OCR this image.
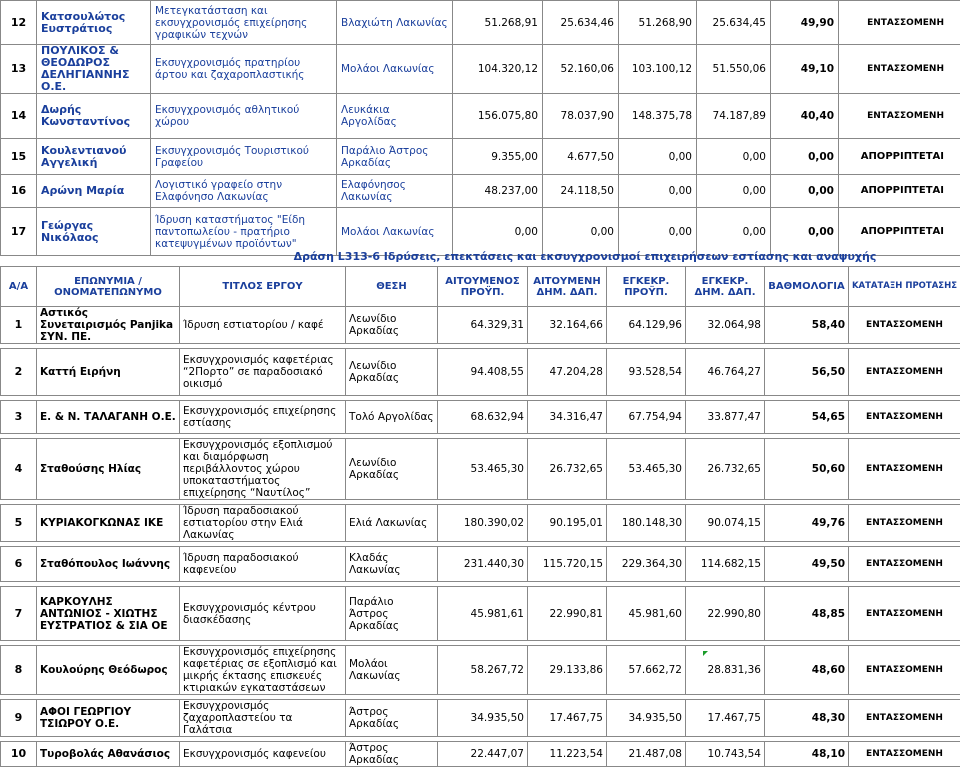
12	Κατσουλώτος Ευστράτιος	Μετεγκατάσταση και εκσυγχρονισμός επιχείρησης γραφικών τεχνών	Βλαχιώτη Λακωνίας	51.268,91	25.634,46	51.268,90	25.634,45	49,90	ΕΝΤΑΣΣΟΜΕΝΗ
13	ΠΟΥΛΙΚΟΣ & ΘΕΟΔΩΡΟΣ ΔΕΛΗΓΙΑΝΝΗΣ Ο.Ε.	Εκσυγχρονισμός πρατηρίου άρτου και ζαχαροπλαστικής	Μολάοι Λακωνίας	104.320,12	52.160,06	103.100,12	51.550,06	49,10	ΕΝΤΑΣΣΟΜΕΝΗ
14	Δωρής Κωνσταντίνος	Εκσυγχρονισμός αθλητικού χώρου	Λευκάκια Αργολίδας	156.075,80	78.037,90	148.375,78	74.187,89	40,40	ΕΝΤΑΣΣΟΜΕΝΗ
15	Κουλεντιανού Αγγελική	Εκσυγχρονισμός Τουριστικού Γραφείου	Παράλιο Άστρος Αρκαδίας	9.355,00	4.677,50	0,00	0,00	0,00	ΑΠΟΡΡΙΠΤΕΤΑΙ
16	Αρώνη Μαρία	Λογιστικό γραφείο στην Ελαφόνησο Λακωνίας	Ελαφόνησος Λακωνίας	48.237,00	24.118,50	0,00	0,00	0,00	ΑΠΟΡΡΙΠΤΕΤΑΙ
17	Γεώργας Νικόλαος	Ίδρυση καταστήματος "Είδη παντοπωλείου - πρατήριο κατεψυγμένων προϊόντων"	Μολάοι Λακωνίας	0,00	0,00	0,00	0,00	0,00	ΑΠΟΡΡΙΠΤΕΤΑΙ
Δράση L313-6 Ιδρύσεις, επεκτάσεις και εκσυγχρονισμοί επιχειρήσεων εστίασης και αναψυχής
Α/Α	ΕΠΩΝΥΜΙΑ / ΟΝΟΜΑΤΕΠΩΝΥΜΟ	ΤΙΤΛΟΣ ΕΡΓΟΥ	ΘΕΣΗ	ΑΙΤΟΥΜΕΝΟΣ ΠΡΟΫΠ.	ΑΙΤΟΥΜΕΝΗ ΔΗΜ. ΔΑΠ.	ΕΓΚΕΚΡ. ΠΡΟΫΠ.	ΕΓΚΕΚΡ. ΔΗΜ. ΔΑΠ.	ΒΑΘΜΟΛΟΓΙΑ	ΚΑΤΑΤΑΞΗ ΠΡΟΤΑΣΗΣ
1	Αστικός Συνεταιρισμός Panjika ΣΥΝ. ΠΕ.	Ίδρυση εστιατορίου / καφέ	Λεωνίδιο Αρκαδίας	64.329,31	32.164,66	64.129,96	32.064,98	58,40	ΕΝΤΑΣΣΟΜΕΝΗ

2	Καττή Ειρήνη	Εκσυγχρονισμός καφετέριας “2Πορτο” σε παραδοσιακό οικισμό	Λεωνίδιο Αρκαδίας	94.408,55	47.204,28	93.528,54	46.764,27	56,50	ΕΝΤΑΣΣΟΜΕΝΗ

3	Ε. & Ν. ΤΑΛΑΓΑΝΗ Ο.Ε.	Εκσυγχρονισμός επιχείρησης εστίασης	Τολό Αργολίδας	68.632,94	34.316,47	67.754,94	33.877,47	54,65	ΕΝΤΑΣΣΟΜΕΝΗ

4	Σταθούσης Ηλίας	Εκσυγχρονισμός εξοπλισμού και διαμόρφωση περιβάλλοντος χώρου υποκαταστήματος επιχείρησης “Ναυτίλος”	Λεωνίδιο Αρκαδίας	53.465,30	26.732,65	53.465,30	26.732,65	50,60	ΕΝΤΑΣΣΟΜΕΝΗ

5	ΚΥΡΙΑΚΟΓΚΩΝΑΣ ΙΚΕ	Ίδρυση παραδοσιακού εστιατορίου στην Ελιά Λακωνίας	Ελιά Λακωνίας	180.390,02	90.195,01	180.148,30	90.074,15	49,76	ΕΝΤΑΣΣΟΜΕΝΗ

6	Σταθόπουλος Ιωάννης	Ίδρυση παραδοσιακού καφενείου	Κλαδάς Λακωνίας	231.440,30	115.720,15	229.364,30	114.682,15	49,50	ΕΝΤΑΣΣΟΜΕΝΗ

7	ΚΑΡΚΟΥΛΗΣ ΑΝΤΩΝΙΟΣ - ΧΙΩΤΗΣ ΕΥΣΤΡΑΤΙΟΣ & ΣΙΑ ΟΕ	Εκσυγχρονισμός κέντρου διασκέδασης	Παράλιο Άστρος Αρκαδίας	45.981,61	22.990,81	45.981,60	22.990,80	48,85	ΕΝΤΑΣΣΟΜΕΝΗ

8	Κουλούρης Θεόδωρος	Εκσυγχρονισμός επιχείρησης καφετέριας σε εξοπλισμό και μικρής έκτασης επισκευές κτιριακών εγκαταστάσεων	Μολάοι Λακωνίας	58.267,72	29.133,86	57.662,72	28.831,36	48,60	ΕΝΤΑΣΣΟΜΕΝΗ

9	ΑΦΟΙ ΓΕΩΡΓΙΟΥ ΤΣΙΩΡΟΥ Ο.Ε.	Εκσυγχρονισμός ζαχαροπλαστείου τα Γαλάτσια	Άστρος Αρκαδίας	34.935,50	17.467,75	34.935,50	17.467,75	48,30	ΕΝΤΑΣΣΟΜΕΝΗ

10	Τυροβολάς Αθανάσιος	Εκσυγχρονισμός καφενείου	Άστρος Αρκαδίας	22.447,07	11.223,54	21.487,08	10.743,54	48,10	ΕΝΤΑΣΣΟΜΕΝΗ
